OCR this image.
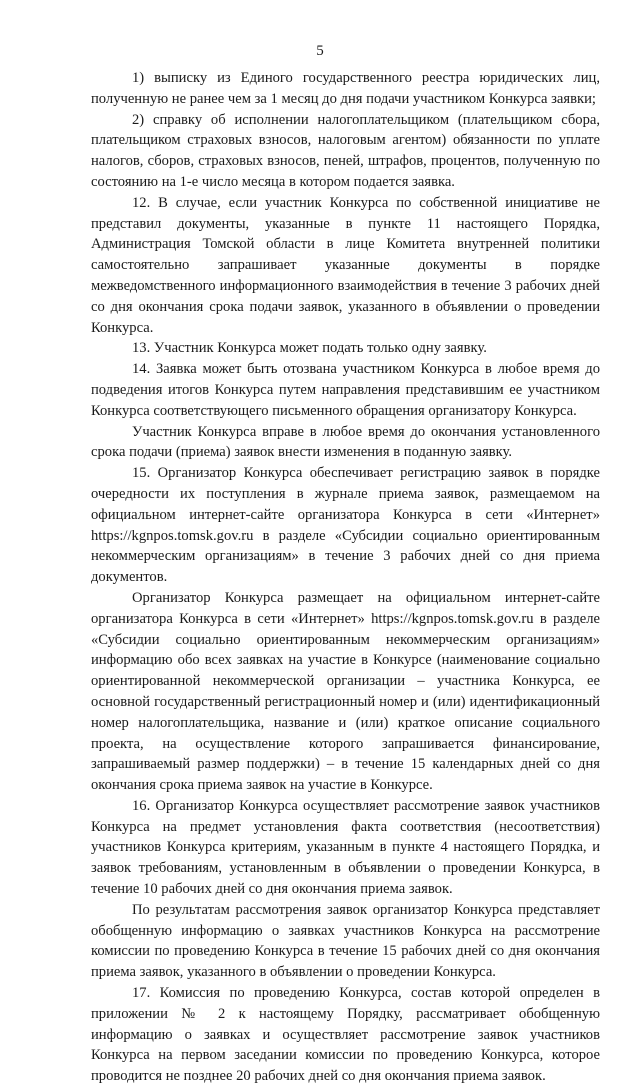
5

1) выписку из Единого государственного реестра юридических лиц, полученную не ранее чем за 1 месяц до дня подачи участником Конкурса заявки;

2) справку об исполнении налогоплательщиком (плательщиком сбора, плательщиком страховых взносов, налоговым агентом) обязанности по уплате налогов, сборов, страховых взносов, пеней, штрафов, процентов, полученную по состоянию на 1-е число месяца в котором подается заявка.

12. В случае, если участник Конкурса по собственной инициативе не представил документы, указанные в пункте 11 настоящего Порядка, Администрация Томской области в лице Комитета внутренней политики самостоятельно запрашивает указанные документы в порядке межведомственного информационного взаимодействия в течение 3 рабочих дней со дня окончания срока подачи заявок, указанного в объявлении о проведении Конкурса.

13. Участник Конкурса может подать только одну заявку.

14. Заявка может быть отозвана участником Конкурса в любое время до подведения итогов Конкурса путем направления представившим ее участником Конкурса соответствующего письменного обращения организатору Конкурса.

Участник Конкурса вправе в любое время до окончания установленного срока подачи (приема) заявок внести изменения в поданную заявку.

15. Организатор Конкурса обеспечивает регистрацию заявок в порядке очередности их поступления в журнале приема заявок, размещаемом на официальном интернет-сайте организатора Конкурса в сети «Интернет» https://kgnpos.tomsk.gov.ru в разделе «Субсидии социально ориентированным некоммерческим организациям» в течение 3 рабочих дней со дня приема документов.

Организатор Конкурса размещает на официальном интернет-сайте организатора Конкурса в сети «Интернет» https://kgnpos.tomsk.gov.ru в разделе «Субсидии социально ориентированным некоммерческим организациям» информацию обо всех заявках на участие в Конкурсе (наименование социально ориентированной некоммерческой организации – участника Конкурса, ее основной государственный регистрационный номер и (или) идентификационный номер налогоплательщика, название и (или) краткое описание социального проекта, на осуществление которого запрашивается финансирование, запрашиваемый размер поддержки) – в течение 15 календарных дней со дня окончания срока приема заявок на участие в Конкурсе.

16. Организатор Конкурса осуществляет рассмотрение заявок участников Конкурса на предмет установления факта соответствия (несоответствия) участников Конкурса критериям, указанным в пункте 4 настоящего Порядка, и заявок требованиям, установленным в объявлении о проведении Конкурса, в течение 10 рабочих дней со дня окончания приема заявок.

По результатам рассмотрения заявок организатор Конкурса представляет обобщенную информацию о заявках участников Конкурса на рассмотрение комиссии по проведению Конкурса в течение 15 рабочих дней со дня окончания приема заявок, указанного в объявлении о проведении Конкурса.

17. Комиссия по проведению Конкурса, состав которой определен в приложении № 2 к настоящему Порядку, рассматривает обобщенную информацию о заявках и осуществляет рассмотрение заявок участников Конкурса на первом заседании комиссии по проведению Конкурса, которое проводится не позднее 20 рабочих дней со дня окончания приема заявок.
